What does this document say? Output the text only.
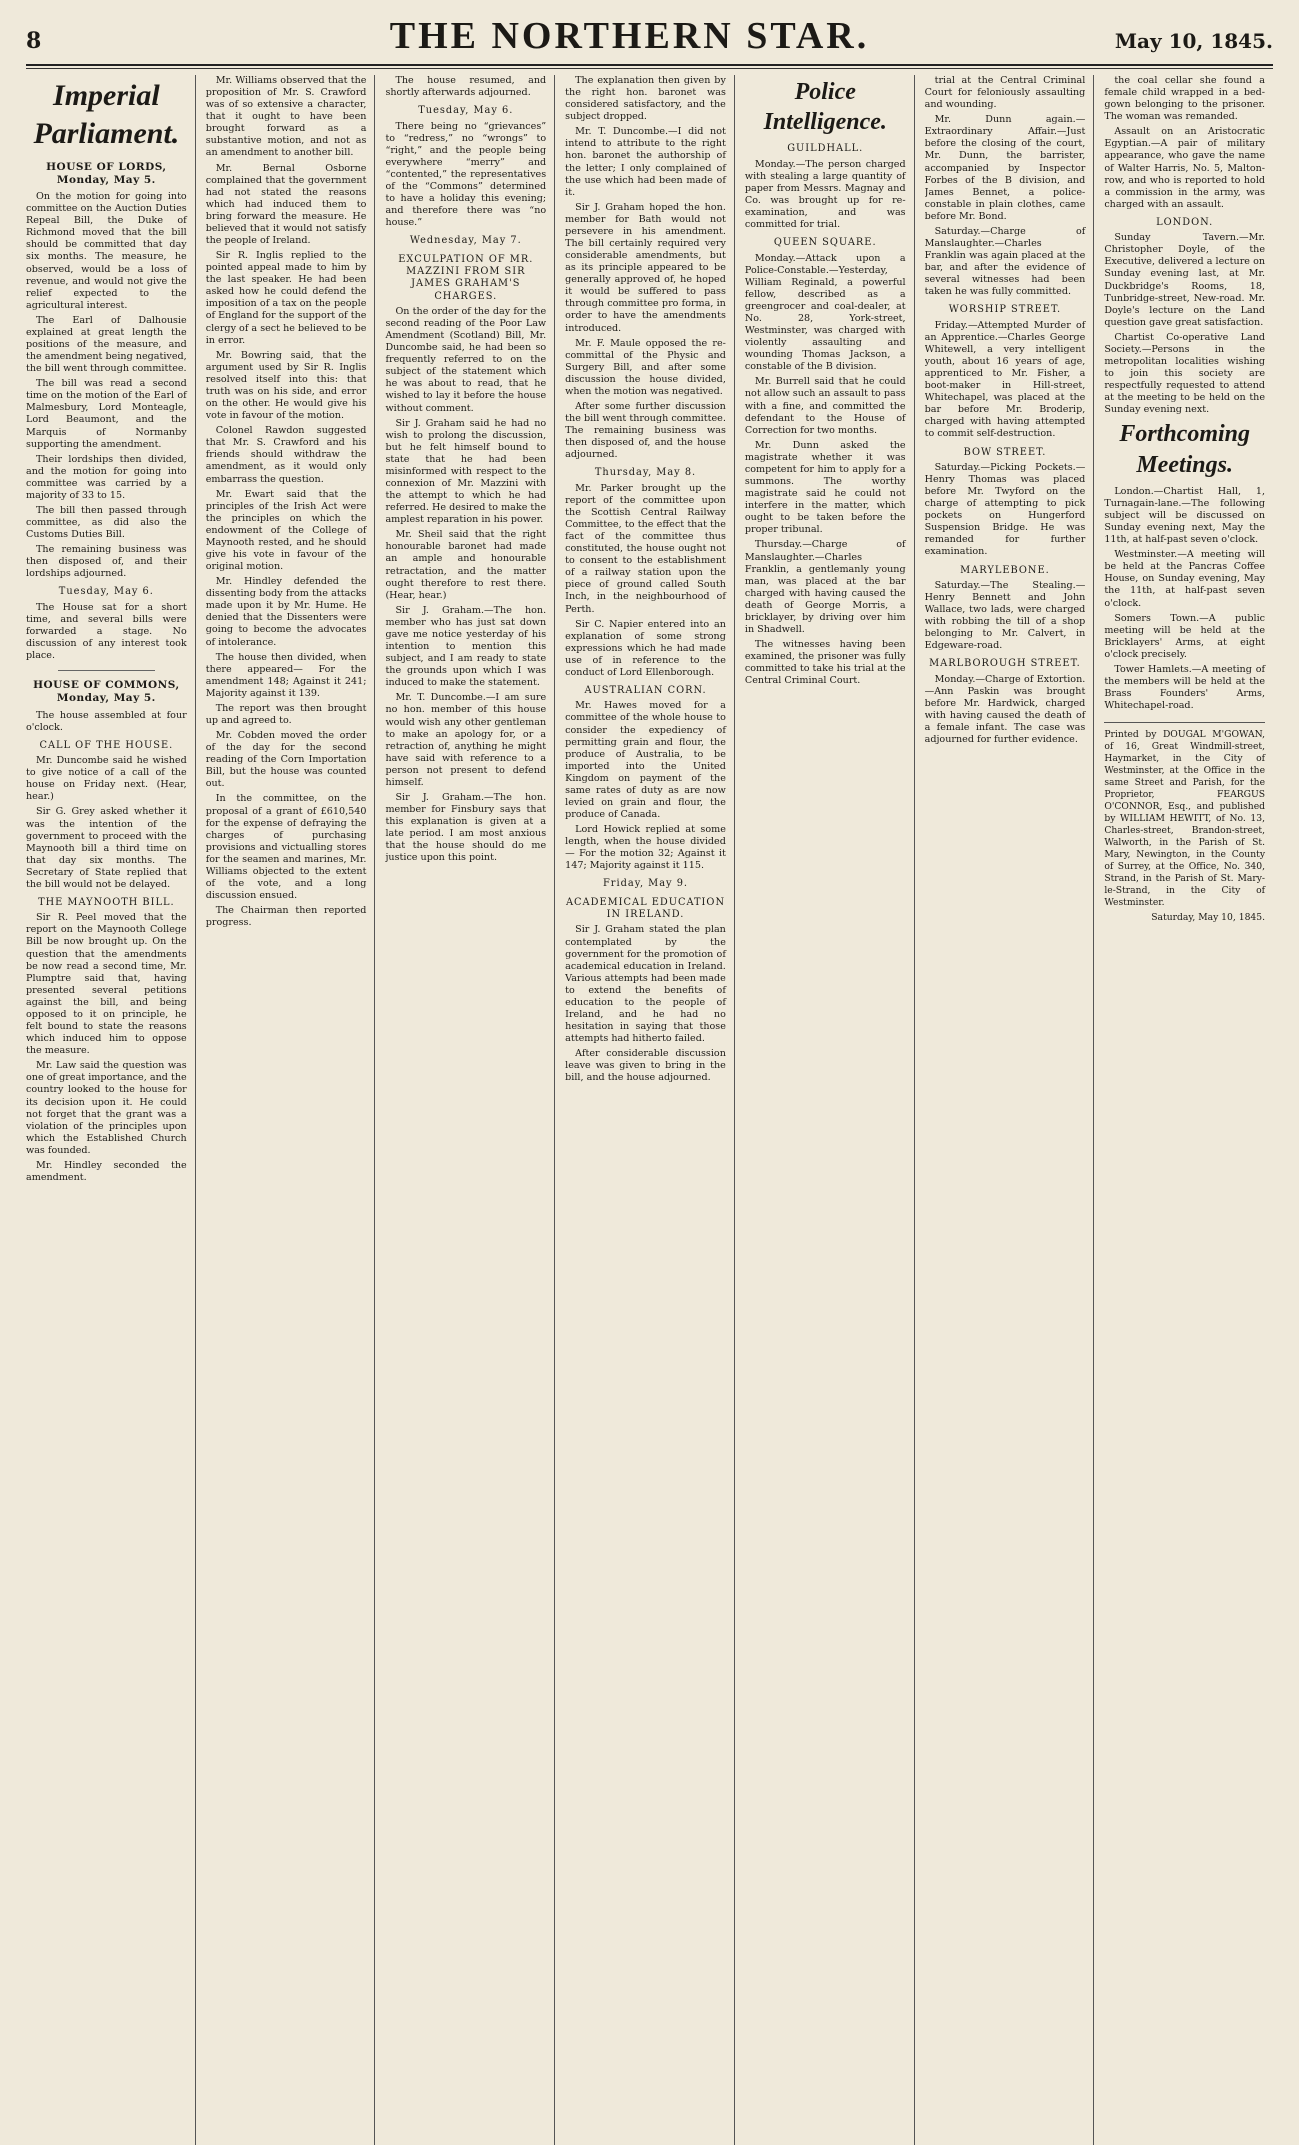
8	THE NORTHERN STAR.	May 10, 1845.
Imperial Parliament.
HOUSE OF LORDS, Monday, May 5.

On the motion for going into committee on the Auction Duties Repeal Bill, the Duke of Richmond moved that the bill should be committed that day six months. The measure, he observed, would be a loss of revenue, and would not give the relief expected to the agricultural interest.

The Earl of Dalhousie explained at great length the positions of the measure, and the amendment being negatived, the bill went through committee.

The bill was read a second time on the motion of the Earl of Malmesbury, Lord Monteagle, Lord Beaumont, and the Marquis of Normanby supporting the amendment.

Their lordships then divided, and the motion for going into committee was carried by a majority of 33 to 15.

The bill then passed through committee, as did also the Customs Duties Bill.

The remaining business was then disposed of, and their lordships adjourned.

Tuesday, May 6.

The House sat for a short time, and several bills were forwarded a stage. No discussion of any interest took place.

HOUSE OF COMMONS, Monday, May 5.

The house assembled at four o'clock.

CALL OF THE HOUSE.

Mr. Duncombe said he wished to give notice of a call of the house on Friday next. (Hear, hear.)

Sir G. Grey asked whether it was the intention of the government to proceed with the Maynooth bill a third time on that day six months. The Secretary of State replied that the bill would not be delayed.

THE MAYNOOTH BILL.

Sir R. Peel moved that the report on the Maynooth College Bill be now brought up. On the question that the amendments be now read a second time, Mr. Plumptre said that, having presented several petitions against the bill, and being opposed to it on principle, he felt bound to state the reasons which induced him to oppose the measure.

Mr. Law said the question was one of great importance, and the country looked to the house for its decision upon it. He could not forget that the grant was a violation of the principles upon which the Established Church was founded.

Mr. Hindley seconded the amendment.

Mr. Williams observed that the proposition of Mr. S. Crawford was of so extensive a character, that it ought to have been brought forward as a substantive motion, and not as an amendment to another bill.

Mr. Bernal Osborne complained that the government had not stated the reasons which had induced them to bring forward the measure. He believed that it would not satisfy the people of Ireland.

Sir R. Inglis replied to the pointed appeal made to him by the last speaker. He had been asked how he could defend the imposition of a tax on the people of England for the support of the clergy of a sect he believed to be in error.

Mr. Bowring said, that the argument used by Sir R. Inglis resolved itself into this: that truth was on his side, and error on the other. He would give his vote in favour of the motion.

Colonel Rawdon suggested that Mr. S. Crawford and his friends should withdraw the amendment, as it would only embarrass the question.

Mr. Ewart said that the principles of the Irish Act were the principles on which the endowment of the College of Maynooth rested, and he should give his vote in favour of the original motion.

Mr. Hindley defended the dissenting body from the attacks made upon it by Mr. Hume. He denied that the Dissenters were going to become the advocates of intolerance.

The house then divided, when there appeared— For the amendment 148; Against it 241; Majority against it 139.

The report was then brought up and agreed to.

Mr. Cobden moved the order of the day for the second reading of the Corn Importation Bill, but the house was counted out.

In the committee, on the proposal of a grant of £610,540 for the expense of defraying the charges of purchasing provisions and victualling stores for the seamen and marines, Mr. Williams objected to the extent of the vote, and a long discussion ensued.

The Chairman then reported progress.

The house resumed, and shortly afterwards adjourned.

Tuesday, May 6.

There being no “grievances” to “redress,” no “wrongs” to “right,” and the people being everywhere “merry” and “contented,” the representatives of the “Commons” determined to have a holiday this evening; and therefore there was “no house.”

Wednesday, May 7.
EXCULPATION OF MR. MAZZINI FROM SIR JAMES GRAHAM'S CHARGES.

On the order of the day for the second reading of the Poor Law Amendment (Scotland) Bill, Mr. Duncombe said, he had been so frequently referred to on the subject of the statement which he was about to read, that he wished to lay it before the house without comment.

Sir J. Graham said he had no wish to prolong the discussion, but he felt himself bound to state that he had been misinformed with respect to the connexion of Mr. Mazzini with the attempt to which he had referred. He desired to make the amplest reparation in his power.

Mr. Sheil said that the right honourable baronet had made an ample and honourable retractation, and the matter ought therefore to rest there. (Hear, hear.)

Sir J. Graham.—The hon. member who has just sat down gave me notice yesterday of his intention to mention this subject, and I am ready to state the grounds upon which I was induced to make the statement.

Mr. T. Duncombe.—I am sure no hon. member of this house would wish any other gentleman to make an apology for, or a retraction of, anything he might have said with reference to a person not present to defend himself.

Sir J. Graham.—The hon. member for Finsbury says that this explanation is given at a late period. I am most anxious that the house should do me justice upon this point.

The explanation then given by the right hon. baronet was considered satisfactory, and the subject dropped.

Mr. T. Duncombe.—I did not intend to attribute to the right hon. baronet the authorship of the letter; I only complained of the use which had been made of it.

Sir J. Graham hoped the hon. member for Bath would not persevere in his amendment. The bill certainly required very considerable amendments, but as its principle appeared to be generally approved of, he hoped it would be suffered to pass through committee pro forma, in order to have the amendments introduced.

Mr. F. Maule opposed the re-committal of the Physic and Surgery Bill, and after some discussion the house divided, when the motion was negatived.

After some further discussion the bill went through committee. The remaining business was then disposed of, and the house adjourned.

Thursday, May 8.

Mr. Parker brought up the report of the committee upon the Scottish Central Railway Committee, to the effect that the fact of the committee thus constituted, the house ought not to consent to the establishment of a railway station upon the piece of ground called South Inch, in the neighbourhood of Perth.

Sir C. Napier entered into an explanation of some strong expressions which he had made use of in reference to the conduct of Lord Ellenborough.

AUSTRALIAN CORN.

Mr. Hawes moved for a committee of the whole house to consider the expediency of permitting grain and flour, the produce of Australia, to be imported into the United Kingdom on payment of the same rates of duty as are now levied on grain and flour, the produce of Canada.

Lord Howick replied at some length, when the house divided— For the motion 32; Against it 147; Majority against it 115.

Friday, May 9.
ACADEMICAL EDUCATION IN IRELAND.

Sir J. Graham stated the plan contemplated by the government for the promotion of academical education in Ireland. Various attempts had been made to extend the benefits of education to the people of Ireland, and he had no hesitation in saying that those attempts had hitherto failed.

After considerable discussion leave was given to bring in the bill, and the house adjourned.

Police Intelligence.
GUILDHALL.

Monday.—The person charged with stealing a large quantity of paper from Messrs. Magnay and Co. was brought up for re-examination, and was committed for trial.

QUEEN SQUARE.

Monday.—Attack upon a Police-Constable.—Yesterday, William Reginald, a powerful fellow, described as a greengrocer and coal-dealer, at No. 28, York-street, Westminster, was charged with violently assaulting and wounding Thomas Jackson, a constable of the B division.

Mr. Burrell said that he could not allow such an assault to pass with a fine, and committed the defendant to the House of Correction for two months.

Mr. Dunn asked the magistrate whether it was competent for him to apply for a summons. The worthy magistrate said he could not interfere in the matter, which ought to be taken before the proper tribunal.

Thursday.—Charge of Manslaughter.—Charles Franklin, a gentlemanly young man, was placed at the bar charged with having caused the death of George Morris, a bricklayer, by driving over him in Shadwell.

The witnesses having been examined, the prisoner was fully committed to take his trial at the Central Criminal Court.

trial at the Central Criminal Court for feloniously assaulting and wounding.

Mr. Dunn again.—Extraordinary Affair.—Just before the closing of the court, Mr. Dunn, the barrister, accompanied by Inspector Forbes of the B division, and James Bennet, a police-constable in plain clothes, came before Mr. Bond.

Saturday.—Charge of Manslaughter.—Charles Franklin was again placed at the bar, and after the evidence of several witnesses had been taken he was fully committed.

WORSHIP STREET.

Friday.—Attempted Murder of an Apprentice.—Charles George Whitewell, a very intelligent youth, about 16 years of age, apprenticed to Mr. Fisher, a boot-maker in Hill-street, Whitechapel, was placed at the bar before Mr. Broderip, charged with having attempted to commit self-destruction.

BOW STREET.

Saturday.—Picking Pockets.—Henry Thomas was placed before Mr. Twyford on the charge of attempting to pick pockets on Hungerford Suspension Bridge. He was remanded for further examination.

MARYLEBONE.

Saturday.—The Stealing.—Henry Bennett and John Wallace, two lads, were charged with robbing the till of a shop belonging to Mr. Calvert, in Edgeware-road.

MARLBOROUGH STREET.

Monday.—Charge of Extortion.—Ann Paskin was brought before Mr. Hardwick, charged with having caused the death of a female infant. The case was adjourned for further evidence.

the coal cellar she found a female child wrapped in a bed-gown belonging to the prisoner. The woman was remanded.

Assault on an Aristocratic Egyptian.—A pair of military appearance, who gave the name of Walter Harris, No. 5, Malton-row, and who is reported to hold a commission in the army, was charged with an assault.

LONDON.

Sunday Tavern.—Mr. Christopher Doyle, of the Executive, delivered a lecture on Sunday evening last, at Mr. Duckbridge's Rooms, 18, Tunbridge-street, New-road. Mr. Doyle's lecture on the Land question gave great satisfaction.

Chartist Co-operative Land Society.—Persons in the metropolitan localities wishing to join this society are respectfully requested to attend at the meeting to be held on the Sunday evening next.

Forthcoming Meetings.

London.—Chartist Hall, 1, Turnagain-lane.—The following subject will be discussed on Sunday evening next, May the 11th, at half-past seven o'clock.

Westminster.—A meeting will be held at the Pancras Coffee House, on Sunday evening, May the 11th, at half-past seven o'clock.

Somers Town.—A public meeting will be held at the Bricklayers' Arms, at eight o'clock precisely.

Tower Hamlets.—A meeting of the members will be held at the Brass Founders' Arms, Whitechapel-road.

Printed by DOUGAL M'GOWAN, of 16, Great Windmill-street, Haymarket, in the City of Westminster, at the Office in the same Street and Parish, for the Proprietor, FEARGUS O'CONNOR, Esq., and published by WILLIAM HEWITT, of No. 13, Charles-street, Brandon-street, Walworth, in the Parish of St. Mary, Newington, in the County of Surrey, at the Office, No. 340, Strand, in the Parish of St. Mary-le-Strand, in the City of Westminster.
Saturday, May 10, 1845.
